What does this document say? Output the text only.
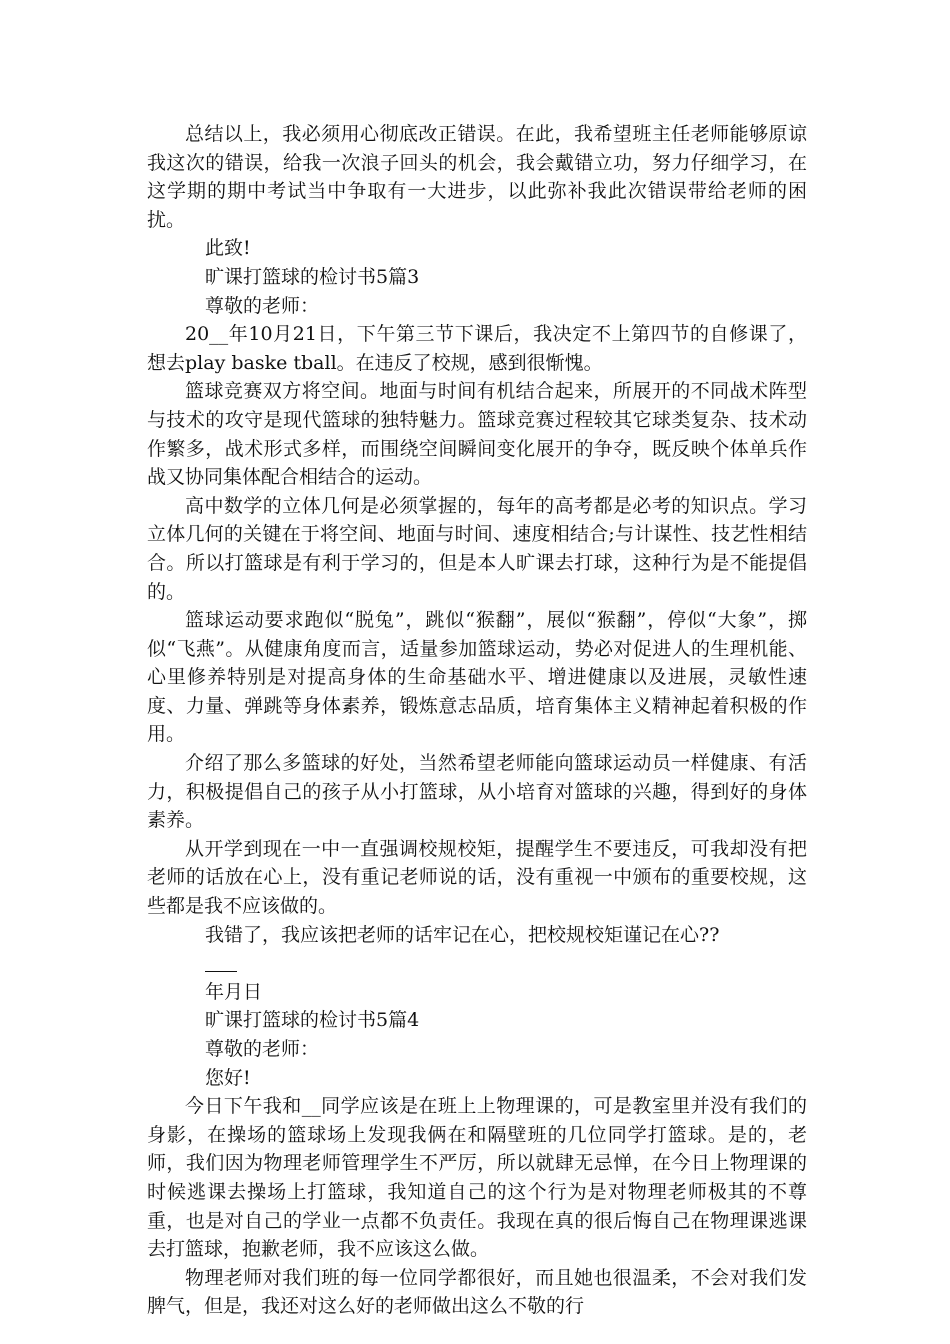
总结以上，我必须用心彻底改正错误。在此，我希望班主任老师能够原谅我这次的错误，给我一次浪子回头的机会，我会戴错立功，努力仔细学习，在这学期的期中考试当中争取有一大进步，以此弥补我此次错误带给老师的困扰。

此致!

旷课打篮球的检讨书5篇3

尊敬的老师：

20__年10月21日，下午第三节下课后，我决定不上第四节的自修课了，想去play baske tball。在违反了校规，感到很惭愧。

篮球竞赛双方将空间。地面与时间有机结合起来，所展开的不同战术阵型与技术的攻守是现代篮球的独特魅力。篮球竞赛过程较其它球类复杂、技术动作繁多，战术形式多样，而围绕空间瞬间变化展开的争夺，既反映个体单兵作战又协同集体配合相结合的运动。

高中数学的立体几何是必须掌握的，每年的高考都是必考的知识点。学习立体几何的关键在于将空间、地面与时间、速度相结合;与计谋性、技艺性相结合。所以打篮球是有利于学习的，但是本人旷课去打球，这种行为是不能提倡的。

篮球运动要求跑似“脱兔”，跳似“猴翻”，展似“猴翻”，停似“大象”，掷似“飞燕”。从健康角度而言，适量参加篮球运动，势必对促进人的生理机能、心里修养特别是对提高身体的生命基础水平、增进健康以及进展，灵敏性速度、力量、弹跳等身体素养，锻炼意志品质，培育集体主义精神起着积极的作用。

介绍了那么多篮球的好处，当然希望老师能向篮球运动员一样健康、有活力，积极提倡自己的孩子从小打篮球，从小培育对篮球的兴趣，得到好的身体素养。

从开学到现在一中一直强调校规校矩，提醒学生不要违反，可我却没有把老师的话放在心上，没有重记老师说的话，没有重视一中颁布的重要校规，这些都是我不应该做的。

我错了，我应该把老师的话牢记在心，把校规校矩谨记在心??

年月日

旷课打篮球的检讨书5篇4

尊敬的老师：

您好!

今日下午我和__同学应该是在班上上物理课的，可是教室里并没有我们的身影，在操场的篮球场上发现我俩在和隔壁班的几位同学打篮球。是的，老师，我们因为物理老师管理学生不严厉，所以就肆无忌惮，在今日上物理课的时候逃课去操场上打篮球，我知道自己的这个行为是对物理老师极其的不尊重，也是对自己的学业一点都不负责任。我现在真的很后悔自己在物理课逃课去打篮球，抱歉老师，我不应该这么做。

物理老师对我们班的每一位同学都很好，而且她也很温柔，不会对我们发脾气，但是，我还对这么好的老师做出这么不敬的行
